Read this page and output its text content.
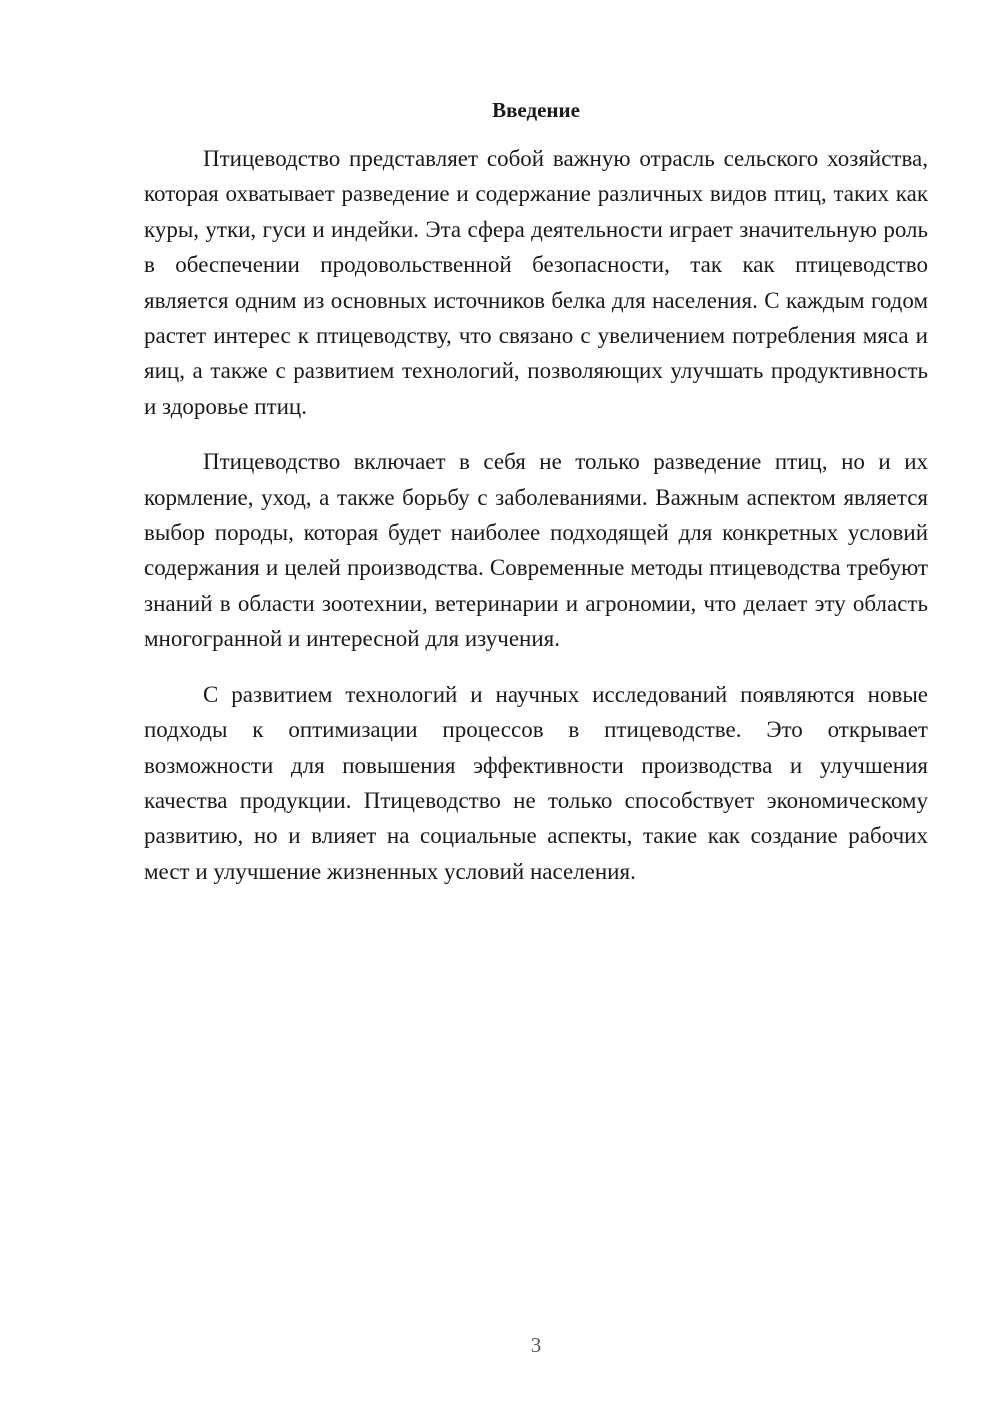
Введение

Птицеводство представляет собой важную отрасль сельского хозяйства, которая охватывает разведение и содержание различных видов птиц, таких как куры, утки, гуси и индейки. Эта сфера деятельности играет значительную роль в обеспечении продовольственной безопасности, так как птицеводство является одним из основных источников белка для населения. С каждым годом растет интерес к птицеводству, что связано с увеличением потребления мяса и яиц, а также с развитием технологий, позволяющих улучшать продуктивность и здоровье птиц.

Птицеводство включает в себя не только разведение птиц, но и их кормление, уход, а также борьбу с заболеваниями. Важным аспектом является выбор породы, которая будет наиболее подходящей для конкретных условий содержания и целей производства. Современные методы птицеводства требуют знаний в области зоотехнии, ветеринарии и агрономии, что делает эту область многогранной и интересной для изучения.

С развитием технологий и научных исследований появляются новые подходы к оптимизации процессов в птицеводстве. Это открывает возможности для повышения эффективности производства и улучшения качества продукции. Птицеводство не только способствует экономическому развитию, но и влияет на социальные аспекты, такие как создание рабочих мест и улучшение жизненных условий населения.

3
